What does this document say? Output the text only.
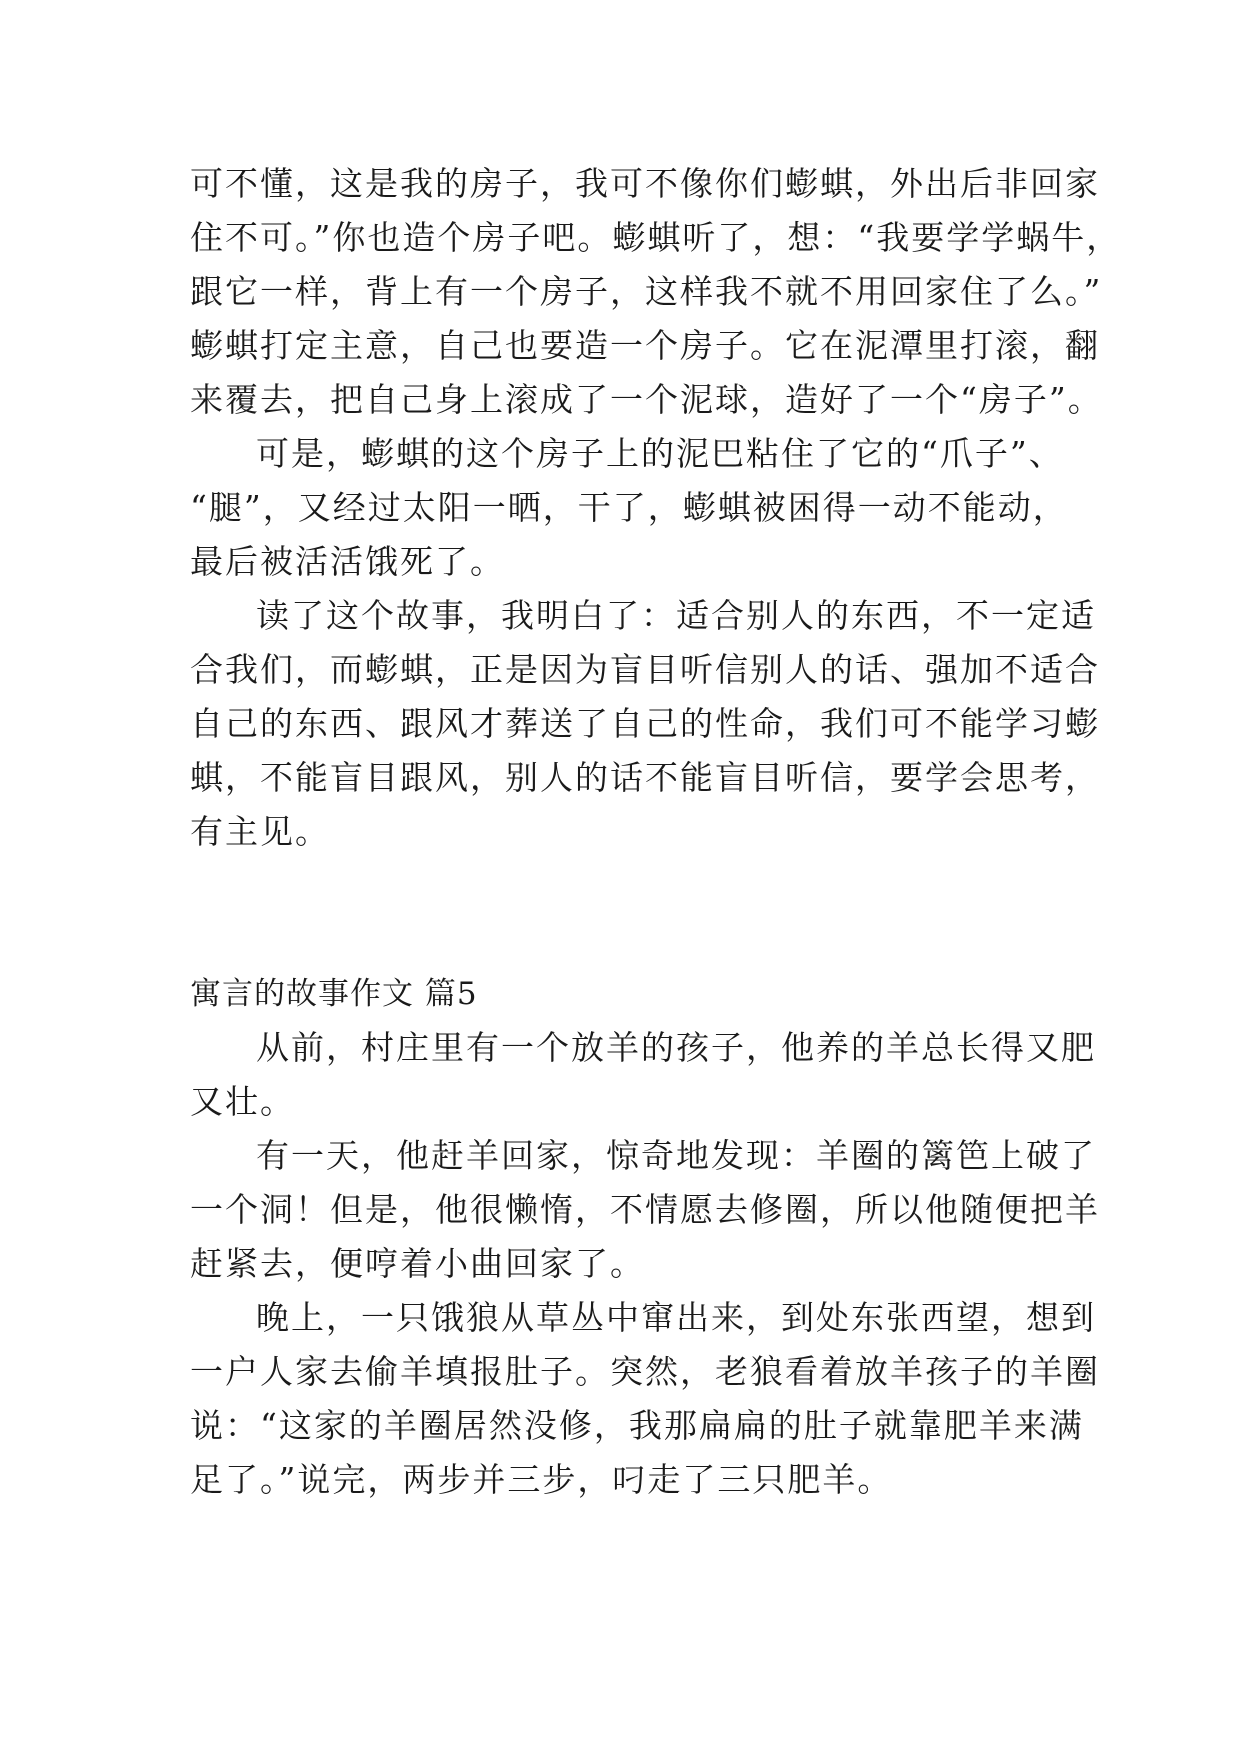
可不懂，这是我的房子，我可不像你们蟛蜞，外出后非回家
住不可。”你也造个房子吧。蟛蜞听了，想：“我要学学蜗牛，
跟它一样，背上有一个房子，这样我不就不用回家住了么。”
蟛蜞打定主意，自己也要造一个房子。它在泥潭里打滚，翻
来覆去，把自己身上滚成了一个泥球，造好了一个“房子”。
可是，蟛蜞的这个房子上的泥巴粘住了它的“爪子”、
“腿”，又经过太阳一晒，干了，蟛蜞被困得一动不能动，
最后被活活饿死了。
读了这个故事，我明白了：适合别人的东西，不一定适
合我们，而蟛蜞，正是因为盲目听信别人的话、强加不适合
自己的东西、跟风才葬送了自己的性命，我们可不能学习蟛
蜞，不能盲目跟风，别人的话不能盲目听信，要学会思考，
有主见。
寓言的故事作文 篇5
从前，村庄里有一个放羊的孩子，他养的羊总长得又肥
又壮。
有一天，他赶羊回家，惊奇地发现：羊圈的篱笆上破了
一个洞！但是，他很懒惰，不情愿去修圈，所以他随便把羊
赶紧去，便哼着小曲回家了。
晚上，一只饿狼从草丛中窜出来，到处东张西望，想到
一户人家去偷羊填报肚子。突然，老狼看着放羊孩子的羊圈
说：“这家的羊圈居然没修，我那扁扁的肚子就靠肥羊来满
足了。”说完，两步并三步，叼走了三只肥羊。
